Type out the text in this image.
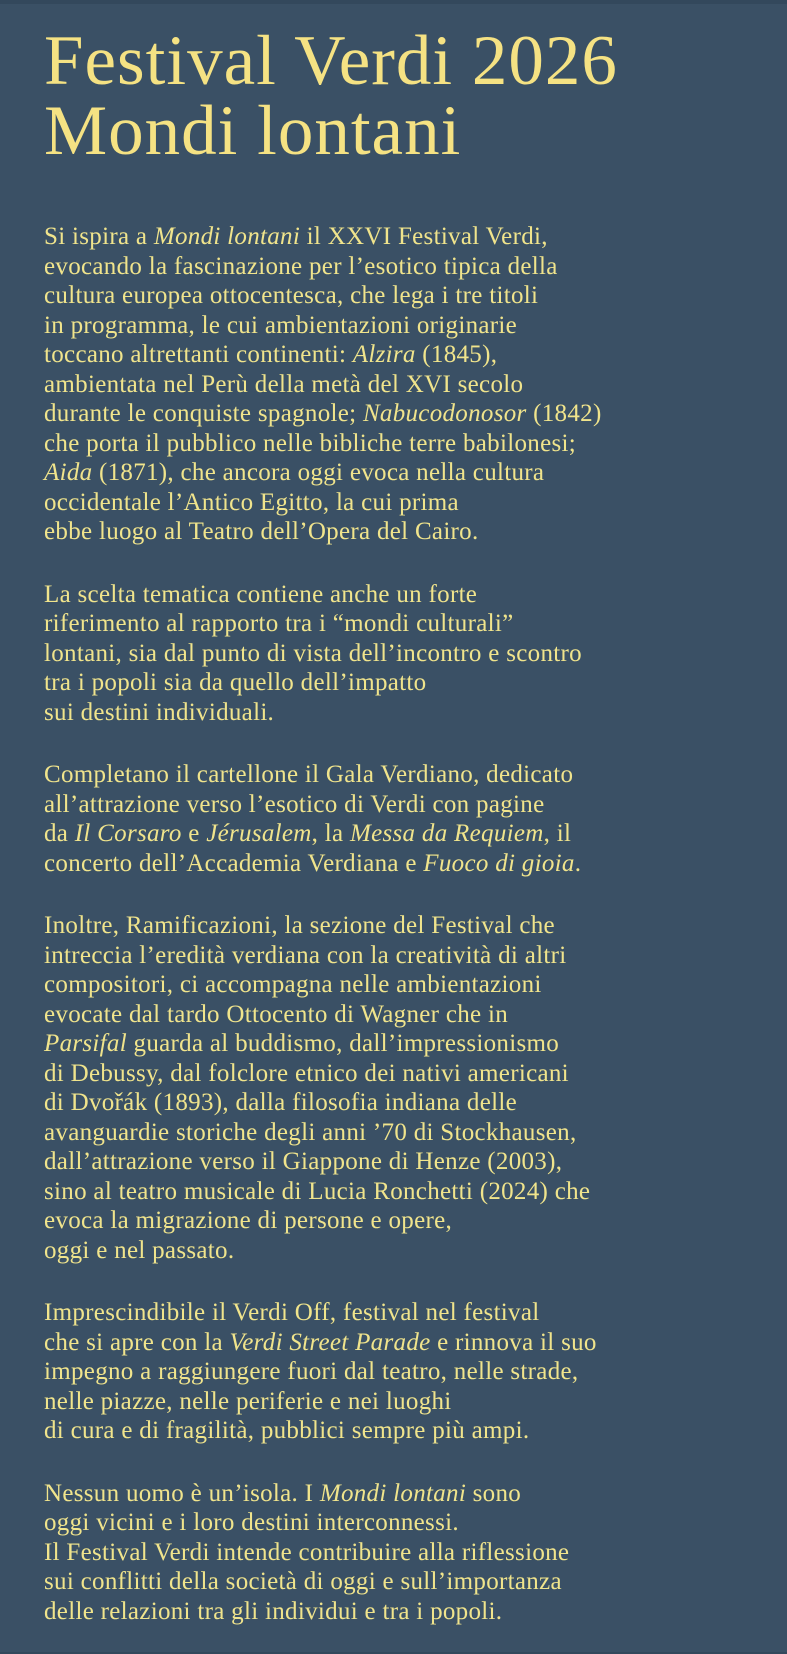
Festival Verdi 2026
Mondi lontani

Si ispira a Mondi lontani il XXVI Festival Verdi,
evocando la fascinazione per l’esotico tipica della
cultura europea ottocentesca, che lega i tre titoli
in programma, le cui ambientazioni originarie
toccano altrettanti continenti: Alzira (1845),
ambientata nel Perù della metà del XVI secolo
durante le conquiste spagnole; Nabucodonosor (1842)
che porta il pubblico nelle bibliche terre babilonesi;
Aida (1871), che ancora oggi evoca nella cultura
occidentale l’Antico Egitto, la cui prima
ebbe luogo al Teatro dell’Opera del Cairo.

La scelta tematica contiene anche un forte
riferimento al rapporto tra i “mondi culturali”
lontani, sia dal punto di vista dell’incontro e scontro
tra i popoli sia da quello dell’impatto
sui destini individuali.

Completano il cartellone il Gala Verdiano, dedicato
all’attrazione verso l’esotico di Verdi con pagine
da Il Corsaro e Jérusalem, la Messa da Requiem, il
concerto dell’Accademia Verdiana e Fuoco di gioia.

Inoltre, Ramificazioni, la sezione del Festival che
intreccia l’eredità verdiana con la creatività di altri
compositori, ci accompagna nelle ambientazioni
evocate dal tardo Ottocento di Wagner che in
Parsifal guarda al buddismo, dall’impressionismo
di Debussy, dal folclore etnico dei nativi americani
di Dvořák (1893), dalla filosofia indiana delle
avanguardie storiche degli anni ’70 di Stockhausen,
dall’attrazione verso il Giappone di Henze (2003),
sino al teatro musicale di Lucia Ronchetti (2024) che
evoca la migrazione di persone e opere,
oggi e nel passato.

Imprescindibile il Verdi Off, festival nel festival
che si apre con la Verdi Street Parade e rinnova il suo
impegno a raggiungere fuori dal teatro, nelle strade,
nelle piazze, nelle periferie e nei luoghi
di cura e di fragilità, pubblici sempre più ampi.

Nessun uomo è un’isola. I Mondi lontani sono
oggi vicini e i loro destini interconnessi.
Il Festival Verdi intende contribuire alla riflessione
sui conflitti della società di oggi e sull’importanza
delle relazioni tra gli individui e tra i popoli.
